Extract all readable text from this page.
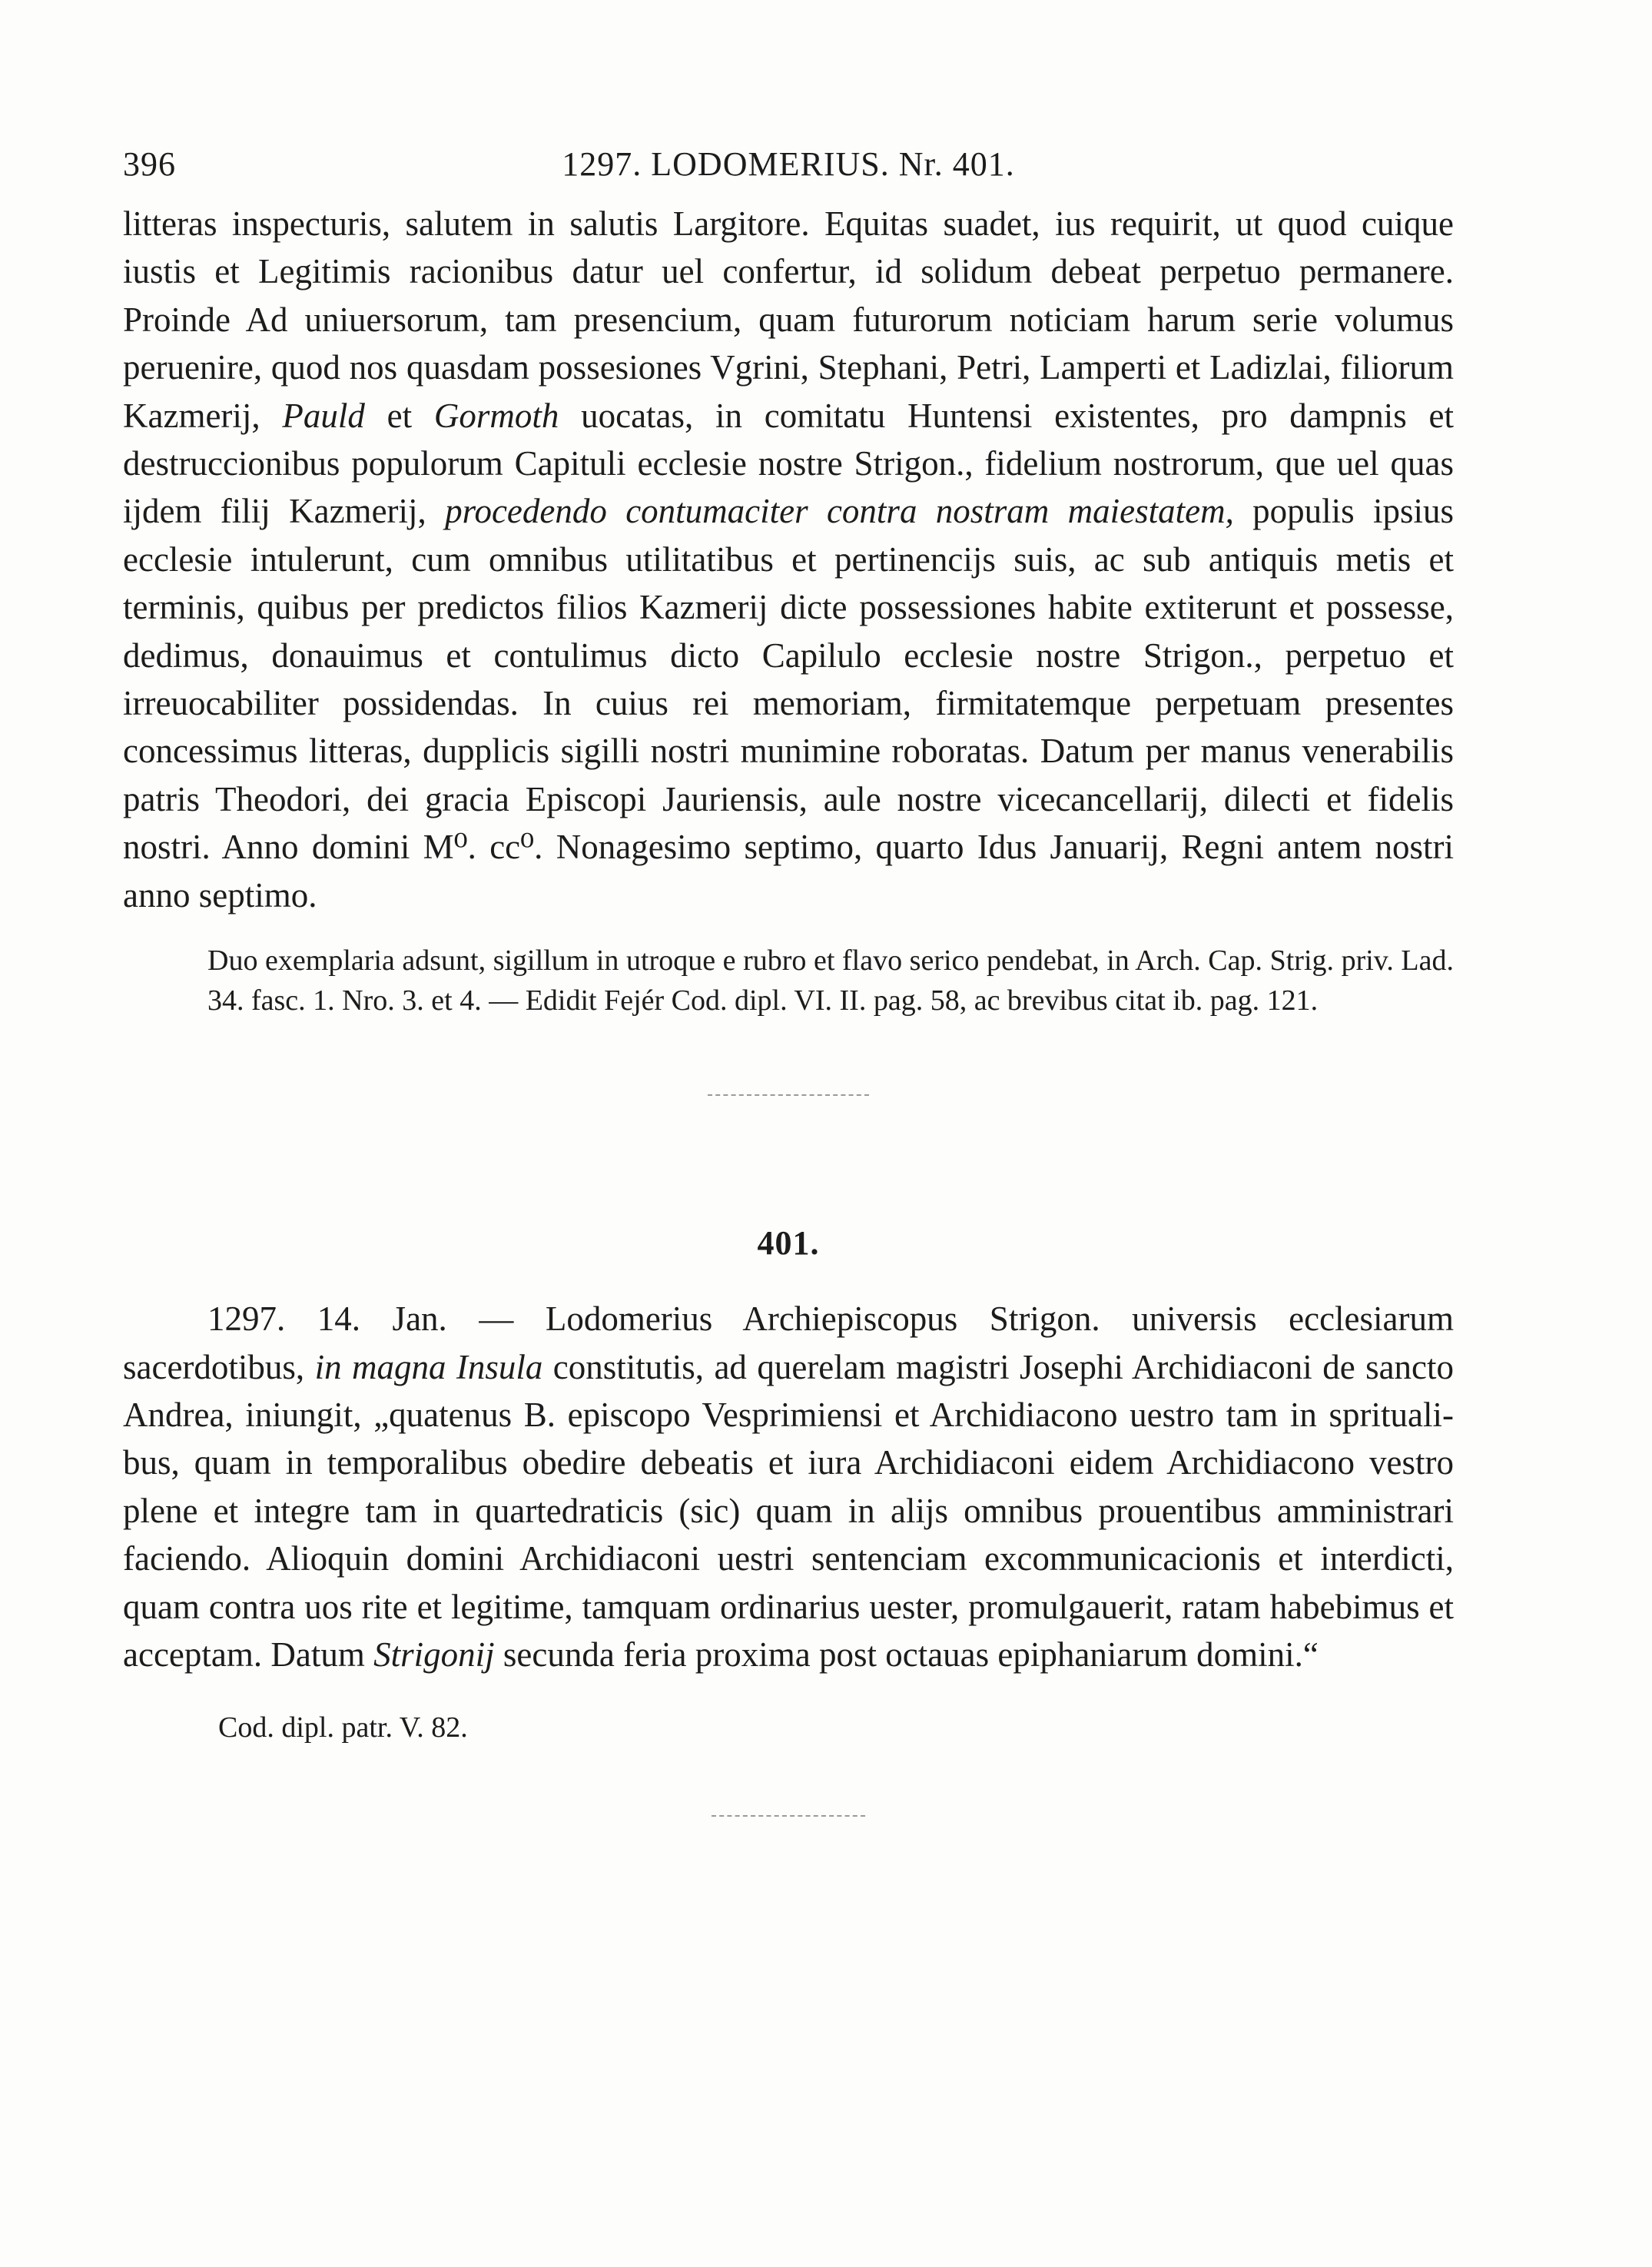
396	1297. LODOMERIUS. Nr. 401.

litteras inspecturis, salutem in salutis Largitore. Equitas suadet, ius requirit, ut quod cuique iustis et Legitimis racionibus datur uel confertur, id solidum debeat perpetuo permanere. Proinde Ad uniuersorum, tam presencium, quam futurorum noticiam harum serie volumus peruenire, quod nos quasdam possesiones Vgrini, Stephani, Petri, Lamperti et Ladizlai, filiorum Kazmerij, Pauld et Gormoth uocatas, in comitatu Huntensi existentes, pro dampnis et destruccionibus populorum Capituli ecclesie nostre Strigon., fidelium nostrorum, que uel quas ijdem filij Kazmerij, procedendo contumaciter contra nostram maiestatem, populis ipsius ecclesie intulerunt, cum omnibus utilitatibus et pertinencijs suis, ac sub antiquis metis et terminis, quibus per predictos filios Kazmerij dicte possessiones habite extiterunt et possesse, dedimus, donauimus et contulimus dicto Capilulo ecclesie nostre Strigon., perpetuo et irreuocabiliter possidendas. In cuius rei memoriam, firmitatemque perpetuam presentes concessimus litteras, dupplicis sigilli nostri munimine roboratas. Datum per manus venerabilis patris Theodori, dei gracia Episcopi Jauriensis, aule nostre vicecancellarij, dilecti et fidelis nostri. Anno domini M⁰. cc⁰. Nonagesimo septimo, quarto Idus Januarij, Regni antem nostri anno septimo.

Duo exemplaria adsunt, sigillum in utroque e rubro et flavo serico pendebat, in Arch. Cap. Strig. priv. Lad. 34. fasc. 1. Nro. 3. et 4. — Edidit Fejér Cod. dipl. VI. II. pag. 58, ac brevibus citat ib. pag. 121.

401.

1297. 14. Jan. — Lodomerius Archiepiscopus Strigon. universis ecclesiarum sacerdotibus, in magna Insula constitutis, ad querelam magistri Josephi Archidiaconi de sancto Andrea, iniungit, „quatenus B. episcopo Vesprimiensi et Archidiacono uestro tam in spritualibus, quam in temporalibus obedire debeatis et iura Archidiaconi eidem Archidiacono vestro plene et integre tam in quartedraticis (sic) quam in alijs omnibus prouentibus amministrari faciendo. Alioquin domini Archidiaconi uestri sentenciam excommunicacionis et interdicti, quam contra uos rite et legitime, tamquam ordinarius uester, promulgauerit, ratam habebimus et acceptam. Datum Strigonij secunda feria proxima post octauas epiphaniarum domini.“

Cod. dipl. patr. V. 82.
